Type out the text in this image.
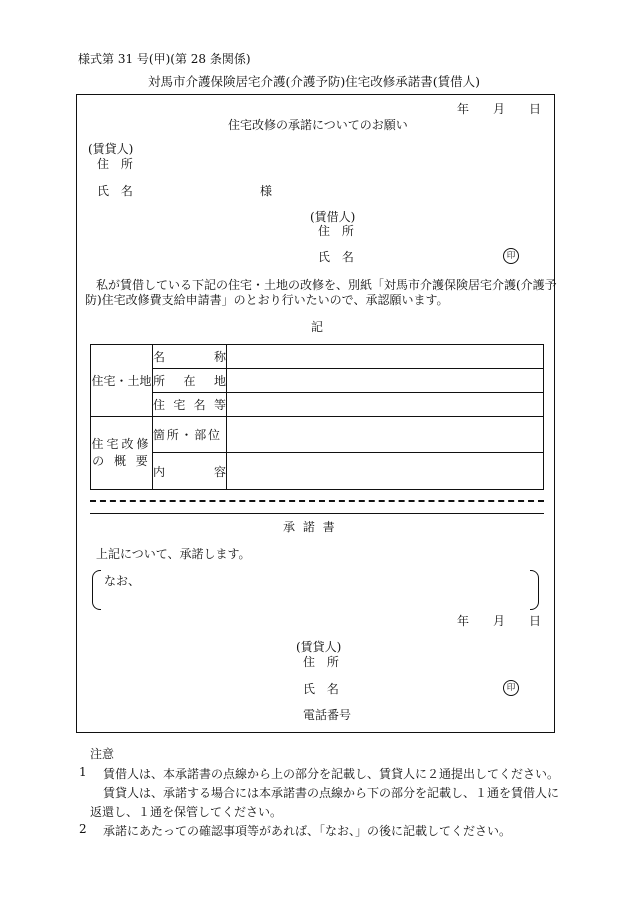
様式第 31 号(甲)(第 28 条関係)
対馬市介護保険居宅介護(介護予防)住宅改修承諾書(賃借人)
年 月 日
住宅改修の承諾についてのお願い
(賃貸人)
住 所
氏 名	様
(賃借人)
住 所
氏 名	印
私が賃借している下記の住宅・土地の改修を、別紙「対馬市介護保険居宅介護(介護予
防)住宅改修費支給申請書」のとおり行いたいので、承認願います。
記
住宅・土地	名　　称	
	所 在 地	
	住 宅 名 等	

住宅改修
の 概 要	箇所・部位	
	内　　容	
承 諾 書
上記について、承諾します。
なお、
年 月 日
(賃貸人)
住 所
氏 名	印
電話番号
注意
1 賃借人は、本承諾書の点線から上の部分を記載し、賃貸人に２通提出してください。
賃貸人は、承諾する場合には本承諾書の点線から下の部分を記載し、１通を賃借人に
返還し、１通を保管してください。
2 承諾にあたっての確認事項等があれば、「なお、」の後に記載してください。
